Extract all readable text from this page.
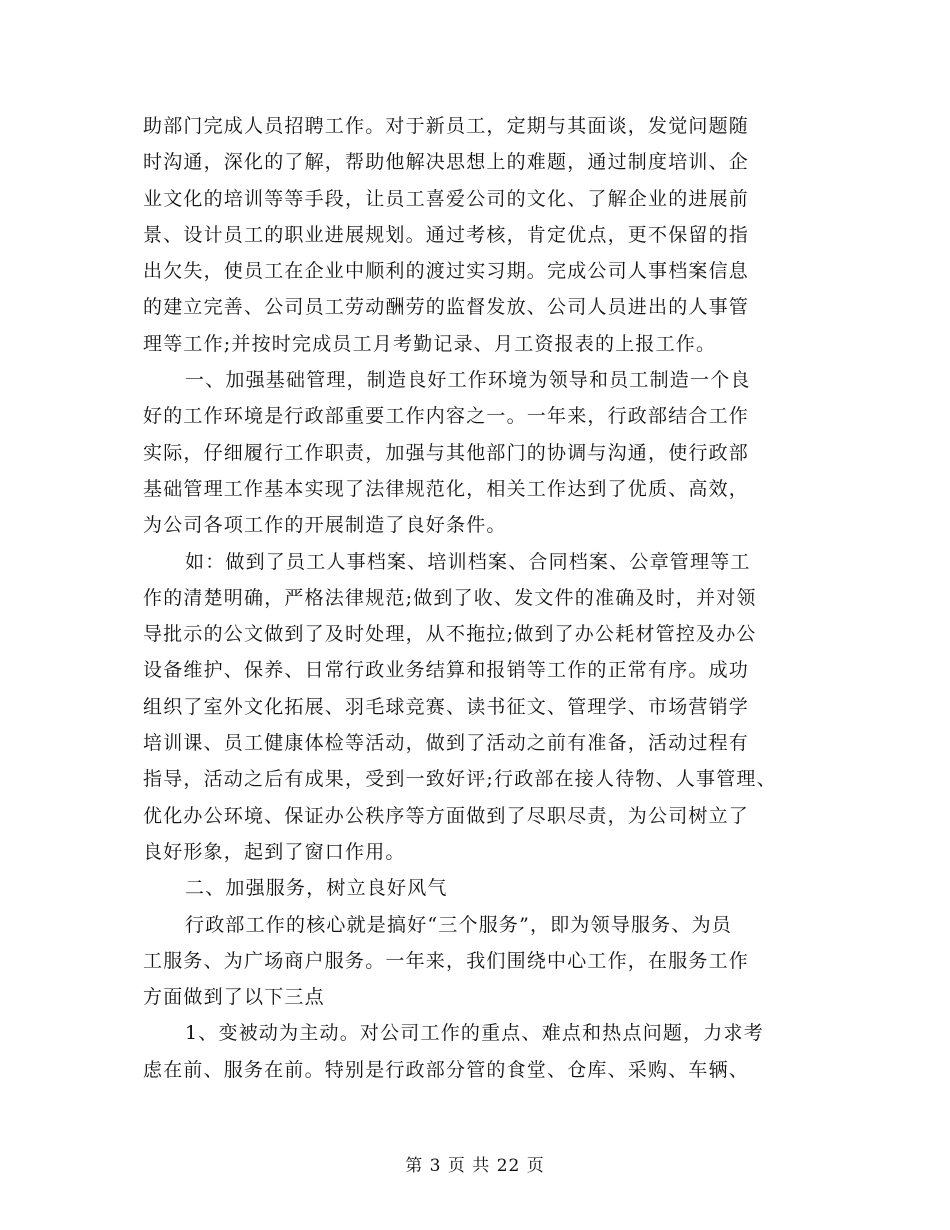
助部门完成人员招聘工作。对于新员工，定期与其面谈，发觉问题随
时沟通，深化的了解，帮助他解决思想上的难题，通过制度培训、企
业文化的培训等等手段，让员工喜爱公司的文化、了解企业的进展前
景、设计员工的职业进展规划。通过考核，肯定优点，更不保留的指
出欠失，使员工在企业中顺利的渡过实习期。完成公司人事档案信息
的建立完善、公司员工劳动酬劳的监督发放、公司人员进出的人事管
理等工作;并按时完成员工月考勤记录、月工资报表的上报工作。
一、加强基础管理，制造良好工作环境为领导和员工制造一个良
好的工作环境是行政部重要工作内容之一。一年来，行政部结合工作
实际，仔细履行工作职责，加强与其他部门的协调与沟通，使行政部
基础管理工作基本实现了法律规范化，相关工作达到了优质、高效，
为公司各项工作的开展制造了良好条件。
如：做到了员工人事档案、培训档案、合同档案、公章管理等工
作的清楚明确，严格法律规范;做到了收、发文件的准确及时，并对领
导批示的公文做到了及时处理，从不拖拉;做到了办公耗材管控及办公
设备维护、保养、日常行政业务结算和报销等工作的正常有序。成功
组织了室外文化拓展、羽毛球竞赛、读书征文、管理学、市场营销学
培训课、员工健康体检等活动，做到了活动之前有准备，活动过程有
指导，活动之后有成果，受到一致好评;行政部在接人待物、人事管理、
优化办公环境、保证办公秩序等方面做到了尽职尽责，为公司树立了
良好形象，起到了窗口作用。
二、加强服务，树立良好风气
行政部工作的核心就是搞好“三个服务”，即为领导服务、为员
工服务、为广场商户服务。一年来，我们围绕中心工作，在服务工作
方面做到了以下三点
1、变被动为主动。对公司工作的重点、难点和热点问题，力求考
虑在前、服务在前。特别是行政部分管的食堂、仓库、采购、车辆、
第 3 页 共 22 页
